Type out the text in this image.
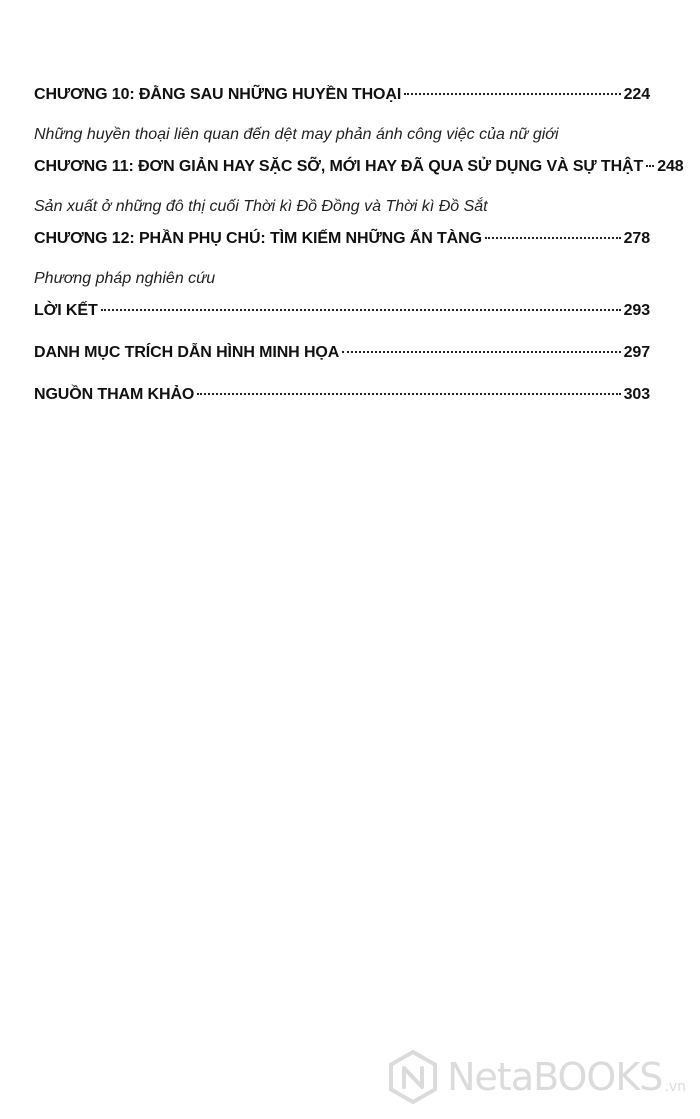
CHƯƠNG 10: ĐẰNG SAU NHỮNG HUYỀN THOẠI	224
Những huyền thoại liên quan đến dệt may phản ánh công việc của nữ giới
CHƯƠNG 11: ĐƠN GIẢN HAY SẶC SỠ, MỚI HAY ĐÃ QUA SỬ DỤNG VÀ SỰ THẬT 248
Sản xuất ở những đô thị cuối Thời kì Đồ Đồng và Thời kì Đồ Sắt
CHƯƠNG 12: PHẦN PHỤ CHÚ: TÌM KIẾM NHỮNG ẨN TÀNG	278
Phương pháp nghiên cứu
LỜI KẾT	293
DANH MỤC TRÍCH DẪN HÌNH MINH HỌA	297
NGUỒN THAM KHẢO	303
NetaBOOKS .vn
